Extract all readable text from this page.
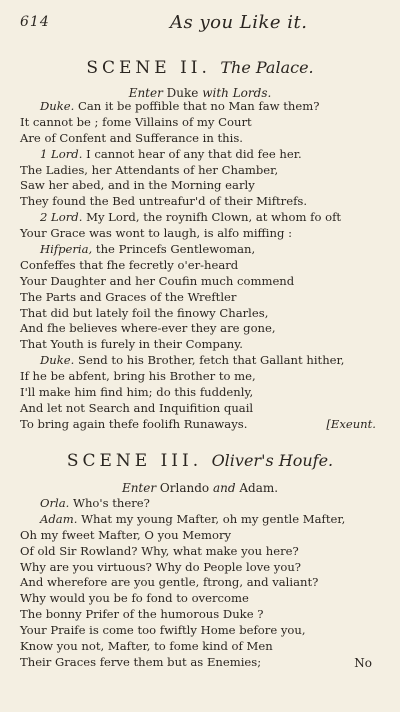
614	As you Like it.
SCENE II. The Palace.
Enter Duke with Lords.
Duke. Can it be poffible that no Man faw them?
It cannot be ; fome Villains of my Court
Are of Confent and Sufferance in this.
1 Lord. I cannot hear of any that did fee her.
The Ladies, her Attendants of her Chamber,
Saw her abed, and in the Morning early
They found the Bed untreafur'd of their Miftrefs.
2 Lord. My Lord, the roynifh Clown, at whom fo oft
Your Grace was wont to laugh, is alfo miffing :
Hifperia, the Princefs Gentlewoman,
Confeffes that fhe fecretly o'er-heard
Your Daughter and her Coufin much commend
The Parts and Graces of the Wreftler
That did but lately foil the finowy Charles,
And fhe believes where-ever they are gone,
That Youth is furely in their Company.
Duke. Send to his Brother, fetch that Gallant hither,
If he be abfent, bring his Brother to me,
I'll make him find him; do this fuddenly,
And let not Search and Inquifition quail
To bring again thefe foolifh Runaways.	[Exeunt.
SCENE III. Oliver's Houfe.
Enter Orlando and Adam.
Orla. Who's there?
Adam. What my young Mafter, oh my gentle Mafter,
Oh my fweet Mafter, O you Memory
Of old Sir Rowland? Why, what make you here?
Why are you virtuous? Why do People love you?
And wherefore are you gentle, ftrong, and valiant?
Why would you be fo fond to overcome
The bonny Prifer of the humorous Duke ?
Your Praife is come too fwiftly Home before you,
Know you not, Mafter, to fome kind of Men
Their Graces ferve them but as Enemies;	No
